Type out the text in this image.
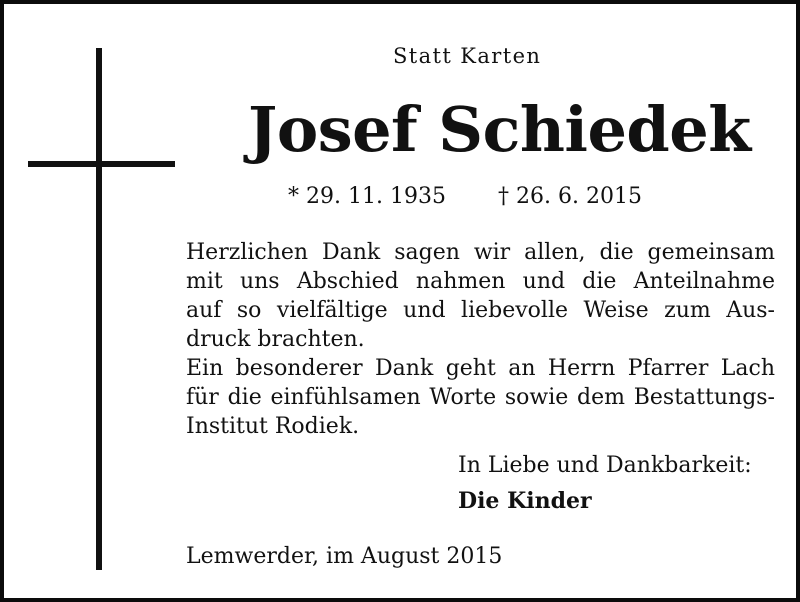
Statt Karten
Josef Schiedek
* 29. 11. 1935 † 26. 6. 2015
Herzlichen Dank sagen wir allen, die gemeinsam
mit uns Abschied nahmen und die Anteilnahme
auf so vielfältige und liebevolle Weise zum Aus-
druck brachten.
Ein besonderer Dank geht an Herrn Pfarrer Lach
für die einfühlsamen Worte sowie dem Bestattungs-
Institut Rodiek.
In Liebe und Dankbarkeit:
Die Kinder
Lemwerder, im August 2015
